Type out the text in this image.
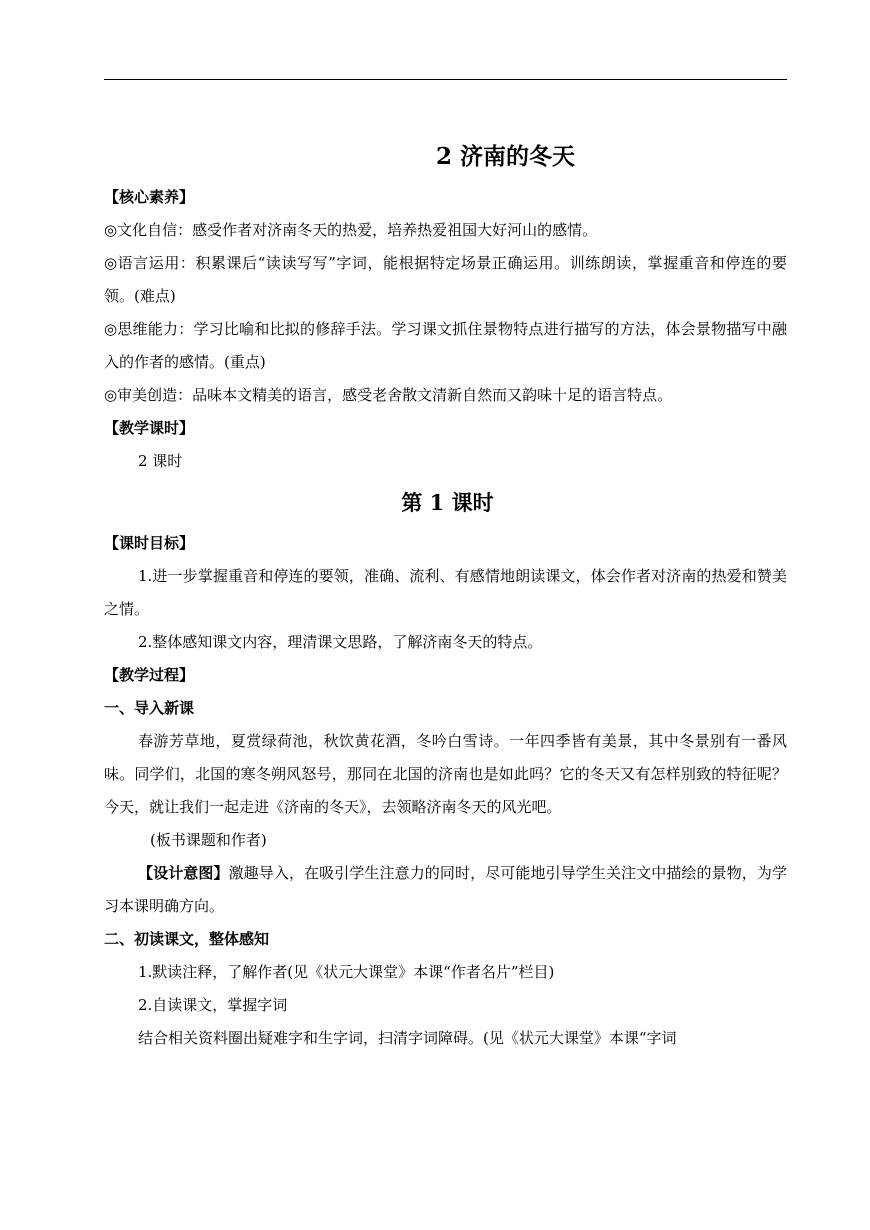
2 济南的冬天

【核心素养】

◎文化自信：感受作者对济南冬天的热爱，培养热爱祖国大好河山的感情。

◎语言运用：积累课后“读读写写”字词，能根据特定场景正确运用。训练朗读，掌握重音和停连的要领。(难点)

◎思维能力：学习比喻和比拟的修辞手法。学习课文抓住景物特点进行描写的方法，体会景物描写中融入的作者的感情。(重点)

◎审美创造：品味本文精美的语言，感受老舍散文清新自然而又韵味十足的语言特点。

【教学课时】

2 课时

第 1 课时

【课时目标】

1.进一步掌握重音和停连的要领，准确、流利、有感情地朗读课文，体会作者对济南的热爱和赞美之情。

2.整体感知课文内容，理清课文思路，了解济南冬天的特点。

【教学过程】

一、导入新课

春游芳草地，夏赏绿荷池，秋饮黄花酒，冬吟白雪诗。一年四季皆有美景，其中冬景别有一番风味。同学们，北国的寒冬朔风怒号，那同在北国的济南也是如此吗？它的冬天又有怎样别致的特征呢？今天，就让我们一起走进《济南的冬天》，去领略济南冬天的风光吧。

(板书课题和作者)

【设计意图】激趣导入，在吸引学生注意力的同时，尽可能地引导学生关注文中描绘的景物，为学习本课明确方向。

二、初读课文，整体感知

1.默读注释，了解作者(见《状元大课堂》本课“作者名片”栏目)

2.自读课文，掌握字词

结合相关资料圈出疑难字和生字词，扫清字词障碍。(见《状元大课堂》本课“字词
